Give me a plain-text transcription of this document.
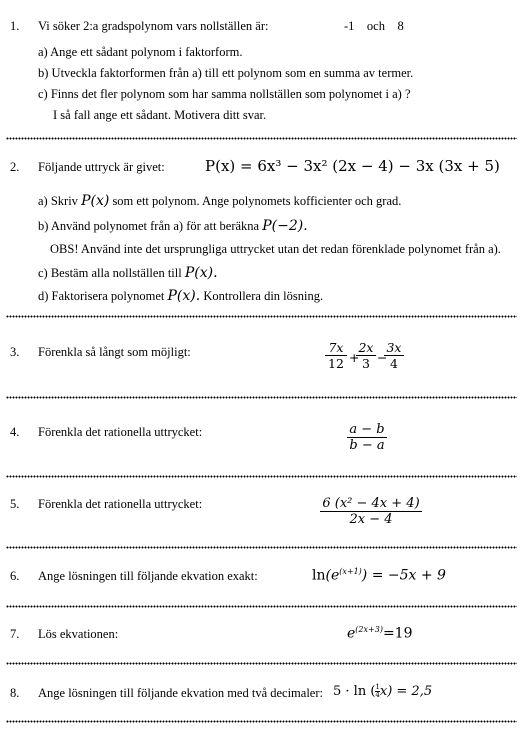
1. Vi söker 2:a gradspolynom vars nollställen är:	-1    och    8
a) Ange ett sådant polynom i faktorform.
b) Utveckla faktorformen från a) till ett polynom som en summa av termer.
c) Finns det fler polynom som har samma nollställen som polynomet i a) ?
I så fall ange ett sådant. Motivera ditt svar.
2. Följande uttryck är givet:	P(x) = 6x³ − 3x² (2x − 4) − 3x (3x + 5)
a) Skriv P(x) som ett polynom. Ange polynomets kofficienter och grad.
b) Använd polynomet från a) för att beräkna P(−2).
OBS! Använd inte det ursprungliga uttrycket utan det redan förenklade polynomet från a).
c) Bestäm alla nollställen till P(x).
d) Faktorisera polynomet P(x). Kontrollera din lösning.
3. Förenkla så långt som möjligt:	7x
12 +
2x
3 −
3x
4
4. Förenkla det rationella uttrycket:	a − b
b − a
5. Förenkla det rationella uttrycket:	6 (x² − 4x + 4)
2x − 4
6. Ange lösningen till följande ekvation exakt:	$\ln(e^{(x+1)}) = -5x + 9$
7. Lös ekvationen:	$e^{(2x+3)}=19$
8. Ange lösningen till följande ekvation med två decimaler: 5 · ln ( $\frac{1}{4} x) = 2,5$
